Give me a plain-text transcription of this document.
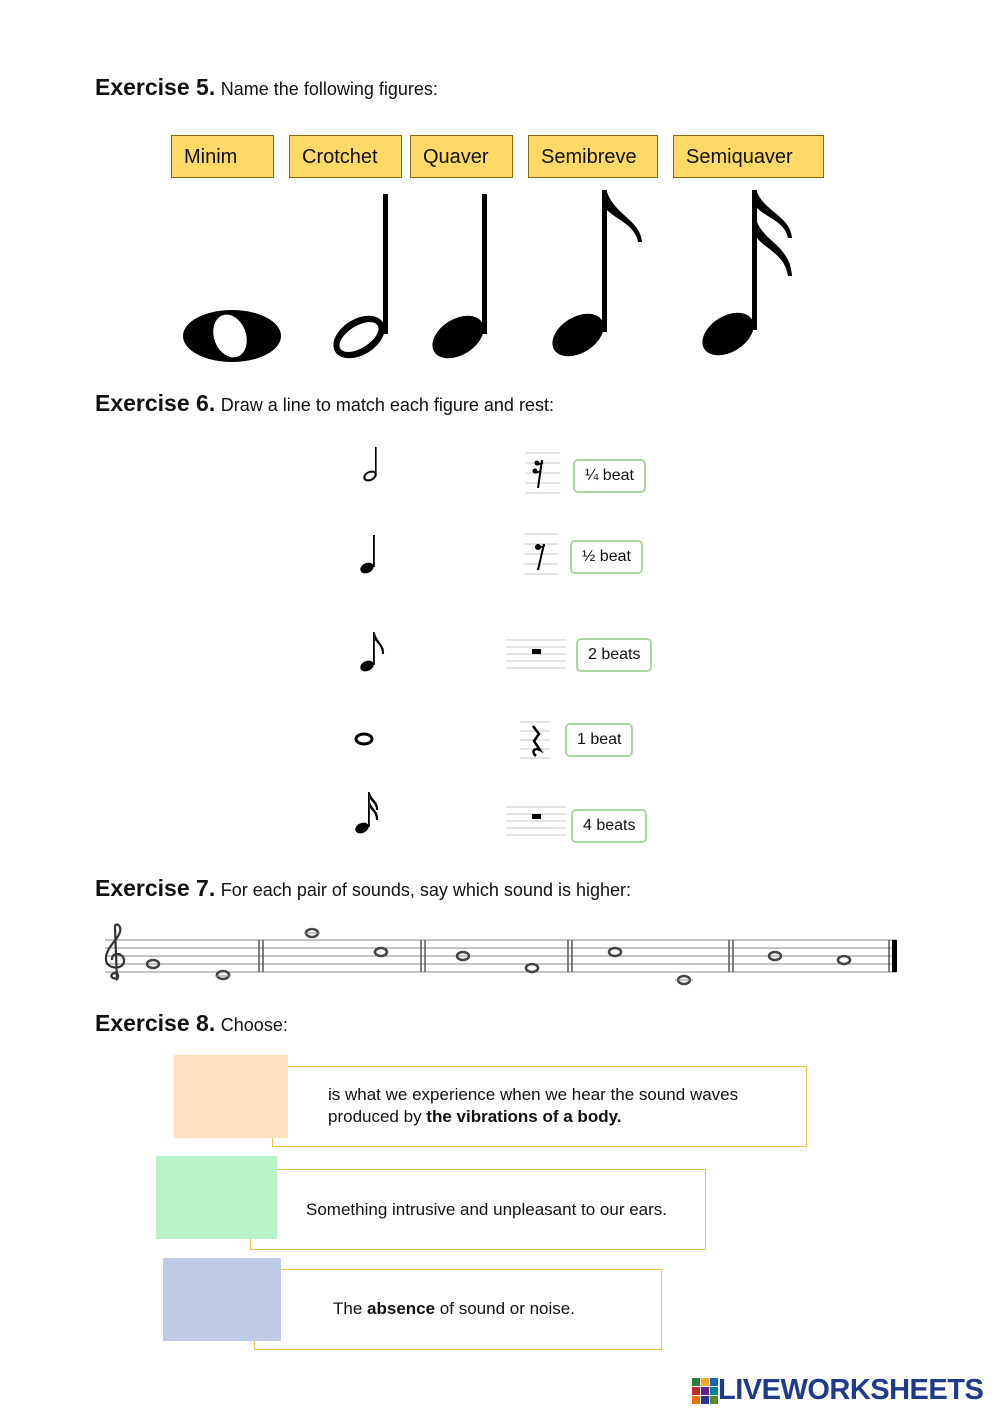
Exercise 5. Name the following figures:
Minim	Crotchet	Quaver	Semibreve	Semiquaver
Exercise 6. Draw a line to match each figure and rest:
¼ beat
½ beat
2 beats
1 beat
4 beats
Exercise 7. For each pair of sounds, say which sound is higher:
Exercise 8. Choose:
is what we experience when we hear the sound waves
produced by the vibrations of a body.
Something intrusive and unpleasant to our ears.
The absence of sound or noise.
LIVEWORKSHEETS
